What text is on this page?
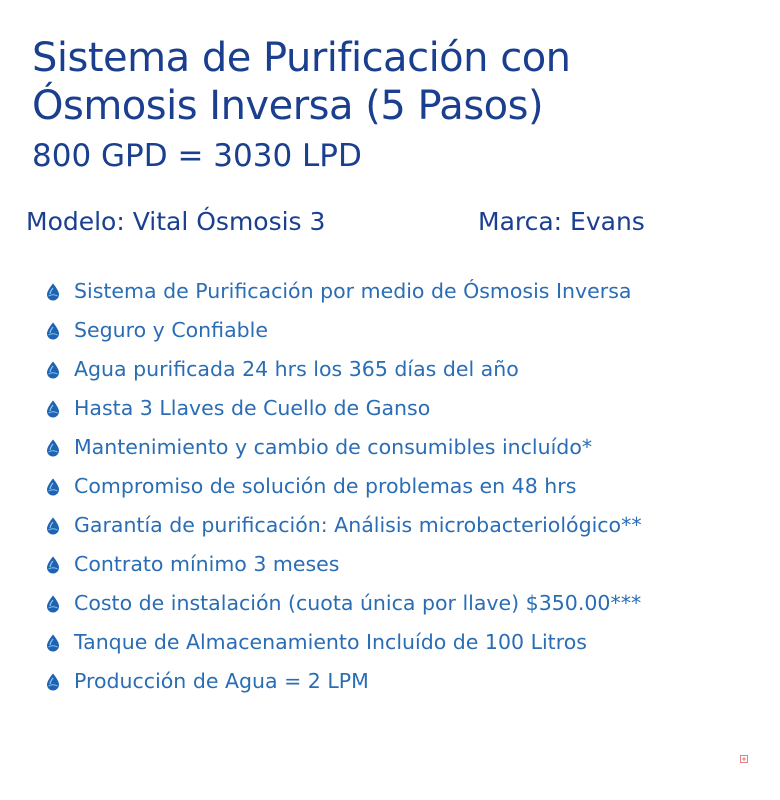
Sistema de Purificación con
Ósmosis Inversa (5 Pasos)
800 GPD = 3030 LPD
Modelo: Vital Ósmosis 3	Marca: Evans
Sistema de Purificación por medio de Ósmosis Inversa
Seguro y Confiable
Agua purificada 24 hrs los 365 días del año
Hasta 3 Llaves de Cuello de Ganso
Mantenimiento y cambio de consumibles incluído*
Compromiso de solución de problemas en 48 hrs
Garantía de purificación: Análisis microbacteriológico**
Contrato mínimo 3 meses
Costo de instalación (cuota única por llave) $350.00***
Tanque de Almacenamiento Incluído de 100 Litros
Producción de Agua = 2 LPM
